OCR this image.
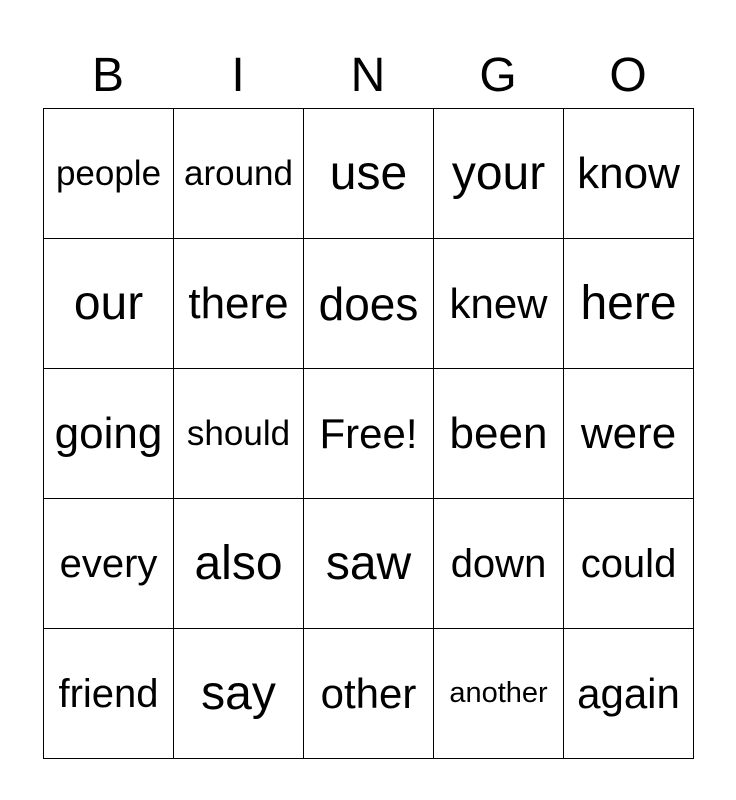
B	I	N	G	O
people around use your know
our	there does knew here
going should Free! been were
every also saw down could
friend say	other	another again
